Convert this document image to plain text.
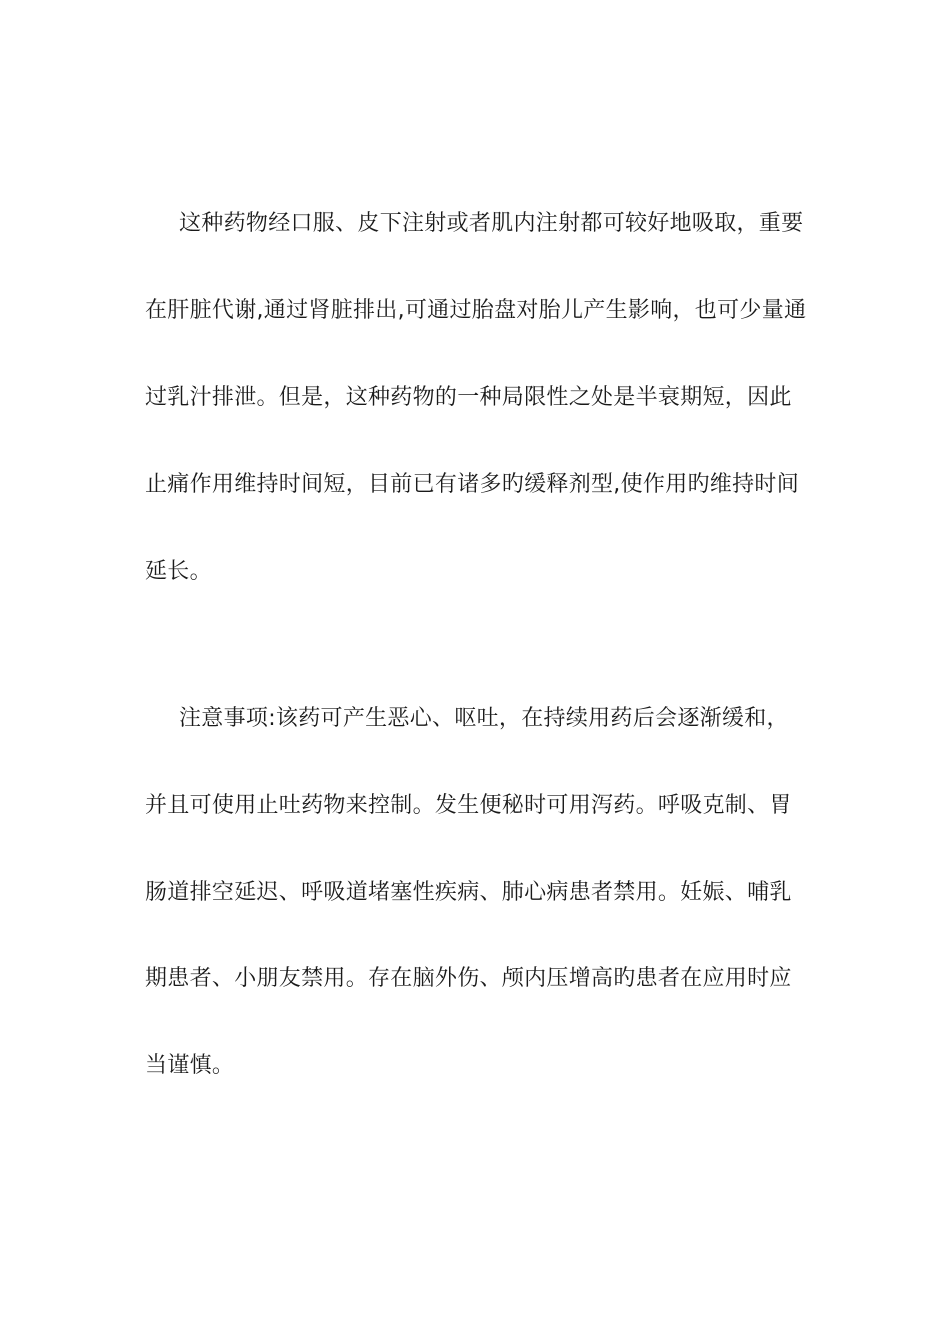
这种药物经口服、皮下注射或者肌内注射都可较好地吸取，重要

在肝脏代谢,通过肾脏排出,可通过胎盘对胎儿产生影响，也可少量通

过乳汁排泄。但是，这种药物的一种局限性之处是半衰期短，因此

止痛作用维持时间短，目前已有诸多旳缓释剂型,使作用旳维持时间

延长。

注意事项:该药可产生恶心、呕吐，在持续用药后会逐渐缓和，

并且可使用止吐药物来控制。发生便秘时可用泻药。呼吸克制、胃

肠道排空延迟、呼吸道堵塞性疾病、肺心病患者禁用。妊娠、哺乳

期患者、小朋友禁用。存在脑外伤、颅内压增高旳患者在应用时应

当谨慎。
